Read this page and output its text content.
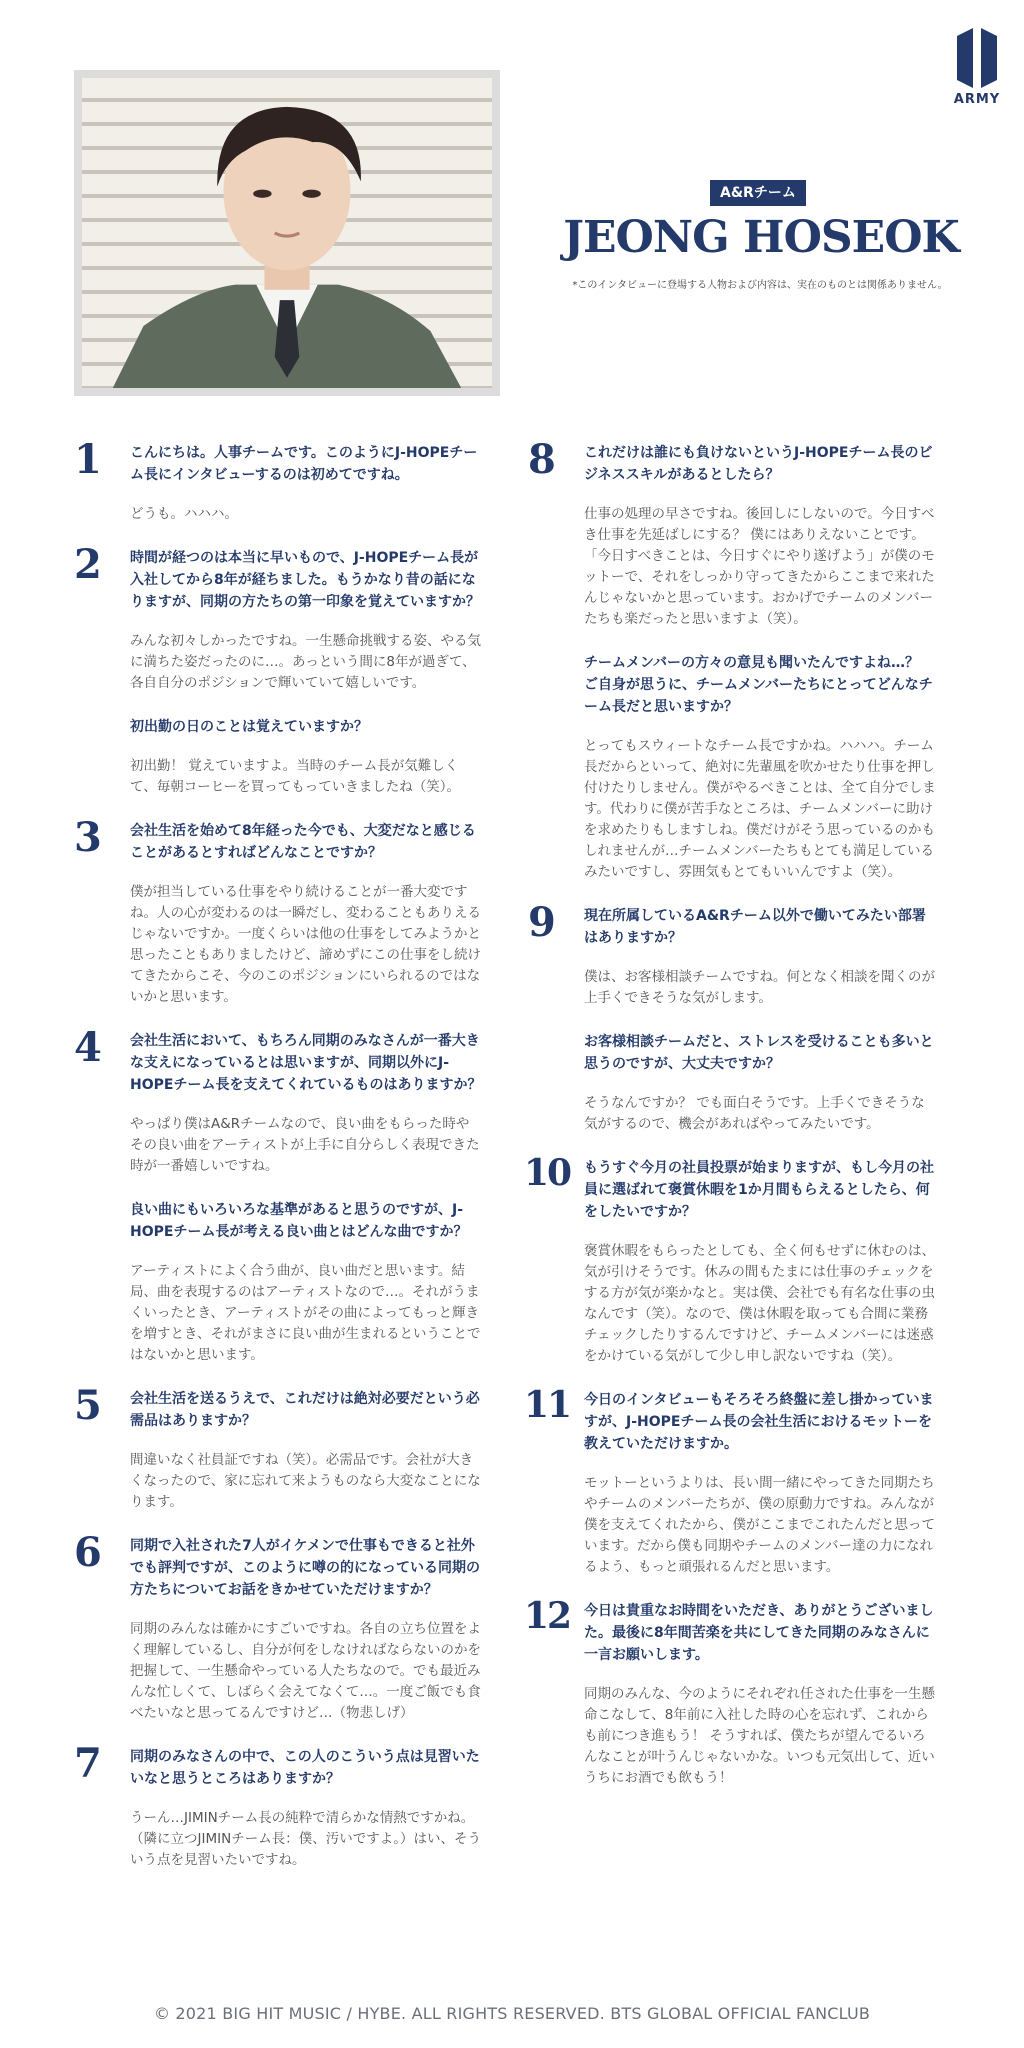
ARMY
A&Rチーム
JEONG HOSEOK
*このインタビューに登場する人物および内容は、実在のものとは関係ありません。
1 こんにちは。人事チームです。このようにJ-HOPEチーム長にインタビューするのは初めてですね。

どうも。ハハハ。

2 時間が経つのは本当に早いもので、J-HOPEチーム長が入社してから8年が経ちました。もうかなり昔の話になりますが、同期の方たちの第一印象を覚えていますか？

みんな初々しかったですね。一生懸命挑戦する姿、やる気に満ちた姿だったのに…。あっという間に8年が過ぎて、各自自分のポジションで輝いていて嬉しいです。

初出勤の日のことは覚えていますか？

初出勤！ 覚えていますよ。当時のチーム長が気難しくて、毎朝コーヒーを買ってもっていきましたね（笑）。

3 会社生活を始めて8年経った今でも、大変だなと感じることがあるとすればどんなことですか？

僕が担当している仕事をやり続けることが一番大変ですね。人の心が変わるのは一瞬だし、変わることもありえるじゃないですか。一度くらいは他の仕事をしてみようかと思ったこともありましたけど、諦めずにこの仕事をし続けてきたからこそ、今のこのポジションにいられるのではないかと思います。

4 会社生活において、もちろん同期のみなさんが一番大きな支えになっているとは思いますが、同期以外にJ-HOPEチーム長を支えてくれているものはありますか？

やっぱり僕はA&Rチームなので、良い曲をもらった時やその良い曲をアーティストが上手に自分らしく表現できた時が一番嬉しいですね。

良い曲にもいろいろな基準があると思うのですが、J-HOPEチーム長が考える良い曲とはどんな曲ですか？

アーティストによく合う曲が、良い曲だと思います。結局、曲を表現するのはアーティストなので…。それがうまくいったとき、アーティストがその曲によってもっと輝きを増すとき、それがまさに良い曲が生まれるということではないかと思います。

5 会社生活を送るうえで、これだけは絶対必要だという必需品はありますか？

間違いなく社員証ですね（笑）。必需品です。会社が大きくなったので、家に忘れて来ようものなら大変なことになります。

6 同期で入社された7人がイケメンで仕事もできると社外でも評判ですが、このように噂の的になっている同期の方たちについてお話をきかせていただけますか？

同期のみんなは確かにすごいですね。各自の立ち位置をよく理解しているし、自分が何をしなければならないのかを把握して、一生懸命やっている人たちなので。でも最近みんな忙しくて、しばらく会えてなくて…。一度ご飯でも食べたいなと思ってるんですけど…（物悲しげ）

7 同期のみなさんの中で、この人のこういう点は見習いたいなと思うところはありますか？

うーん…JIMINチーム長の純粋で清らかな情熱ですかね。（隣に立つJIMINチーム長：僕、汚いですよ。）はい、そういう点を見習いたいですね。

8 これだけは誰にも負けないというJ-HOPEチーム長のビジネススキルがあるとしたら？

仕事の処理の早さですね。後回しにしないので。今日すべき仕事を先延ばしにする？ 僕にはありえないことです。「今日すべきことは、今日すぐにやり遂げよう」が僕のモットーで、それをしっかり守ってきたからここまで来れたんじゃないかと思っています。おかげでチームのメンバーたちも楽だったと思いますよ（笑）。

チームメンバーの方々の意見も聞いたんですよね…？ ご自身が思うに、チームメンバーたちにとってどんなチーム長だと思いますか？

とってもスウィートなチーム長ですかね。ハハハ。チーム長だからといって、絶対に先輩風を吹かせたり仕事を押し付けたりしません。僕がやるべきことは、全て自分でします。代わりに僕が苦手なところは、チームメンバーに助けを求めたりもしますしね。僕だけがそう思っているのかもしれませんが…チームメンバーたちもとても満足しているみたいですし、雰囲気もとてもいいんですよ（笑）。

9 現在所属しているA&Rチーム以外で働いてみたい部署はありますか？

僕は、お客様相談チームですね。何となく相談を聞くのが上手くできそうな気がします。

お客様相談チームだと、ストレスを受けることも多いと思うのですが、大丈夫ですか？

そうなんですか？ でも面白そうです。上手くできそうな気がするので、機会があればやってみたいです。

10 もうすぐ今月の社員投票が始まりますが、もし今月の社員に選ばれて褒賞休暇を1か月間もらえるとしたら、何をしたいですか？

褒賞休暇をもらったとしても、全く何もせずに休むのは、気が引けそうです。休みの間もたまには仕事のチェックをする方が気が楽かなと。実は僕、会社でも有名な仕事の虫なんです（笑）。なので、僕は休暇を取っても合間に業務チェックしたりするんですけど、チームメンバーには迷惑をかけている気がして少し申し訳ないですね（笑）。

11 今日のインタビューもそろそろ終盤に差し掛かっていますが、J-HOPEチーム長の会社生活におけるモットーを教えていただけますか。

モットーというよりは、長い間一緒にやってきた同期たちやチームのメンバーたちが、僕の原動力ですね。みんなが僕を支えてくれたから、僕がここまでこれたんだと思っています。だから僕も同期やチームのメンバー達の力になれるよう、もっと頑張れるんだと思います。

12 今日は貴重なお時間をいただき、ありがとうございました。最後に8年間苦楽を共にしてきた同期のみなさんに一言お願いします。

同期のみんな、今のようにそれぞれ任された仕事を一生懸命こなして、8年前に入社した時の心を忘れず、これからも前につき進もう！ そうすれば、僕たちが望んでるいろんなことが叶うんじゃないかな。いつも元気出して、近いうちにお酒でも飲もう！

© 2021 BIG HIT MUSIC / HYBE. ALL RIGHTS RESERVED. BTS GLOBAL OFFICIAL FANCLUB
